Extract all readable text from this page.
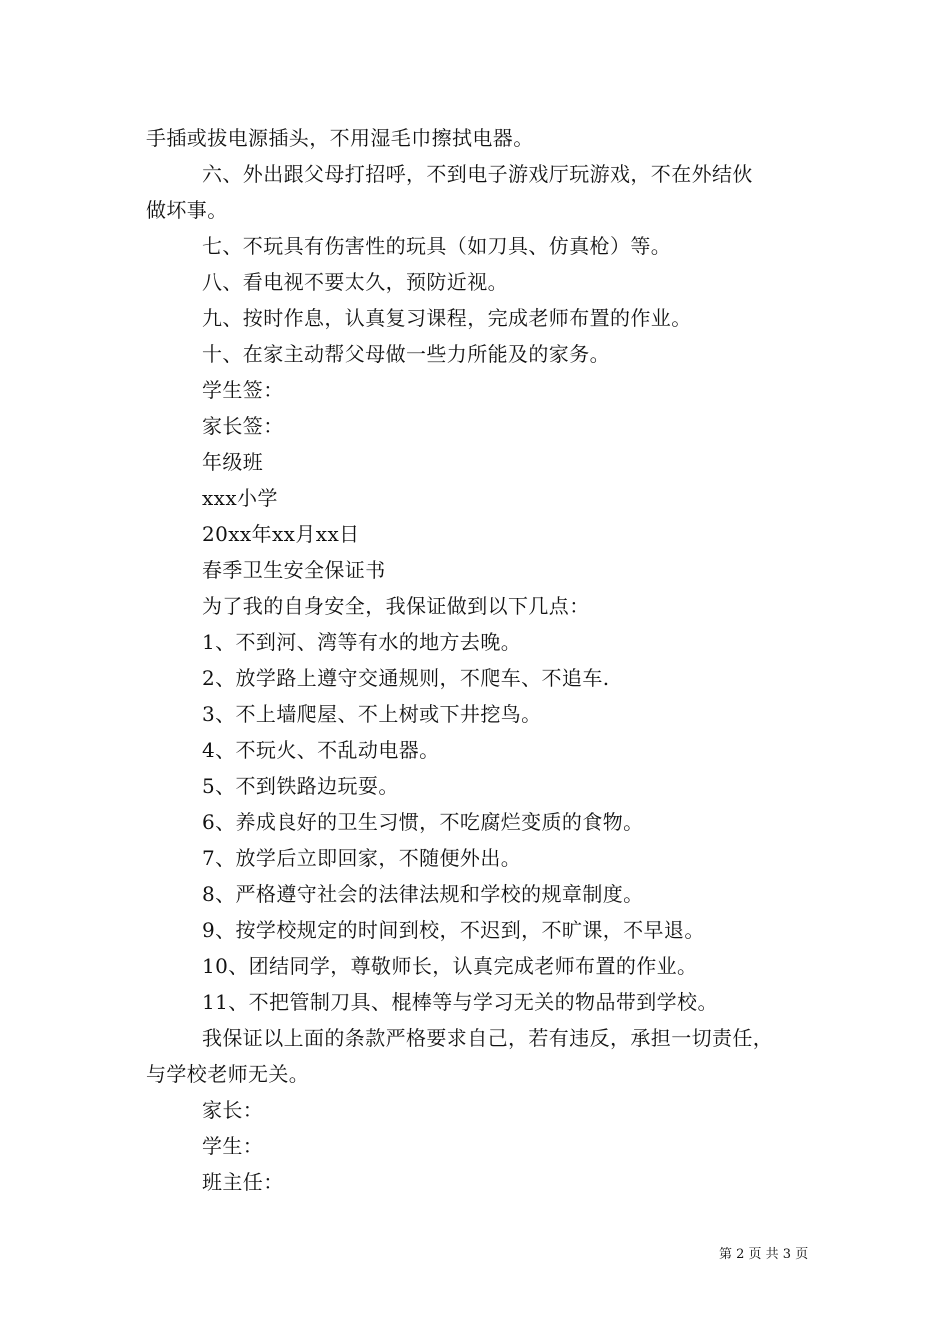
手插或拔电源插头，不用湿毛巾擦拭电器。
六、外出跟父母打招呼，不到电子游戏厅玩游戏，不在外结伙
做坏事。
七、不玩具有伤害性的玩具（如刀具、仿真枪）等。
八、看电视不要太久，预防近视。
九、按时作息，认真复习课程，完成老师布置的作业。
十、在家主动帮父母做一些力所能及的家务。
学生签：
家长签：
年级班
xxx小学
20xx年xx月xx日
春季卫生安全保证书
为了我的自身安全，我保证做到以下几点：
1、不到河、湾等有水的地方去晚。
2、放学路上遵守交通规则，不爬车、不追车.
3、不上墙爬屋、不上树或下井挖鸟。
4、不玩火、不乱动电器。
5、不到铁路边玩耍。
6、养成良好的卫生习惯，不吃腐烂变质的食物。
7、放学后立即回家，不随便外出。
8、严格遵守社会的法律法规和学校的规章制度。
9、按学校规定的时间到校，不迟到，不旷课，不早退。
10、团结同学，尊敬师长，认真完成老师布置的作业。
11、不把管制刀具、棍棒等与学习无关的物品带到学校。
我保证以上面的条款严格要求自己，若有违反，承担一切责任，
与学校老师无关。
家长：
学生：
班主任：
第 2 页 共 3 页
